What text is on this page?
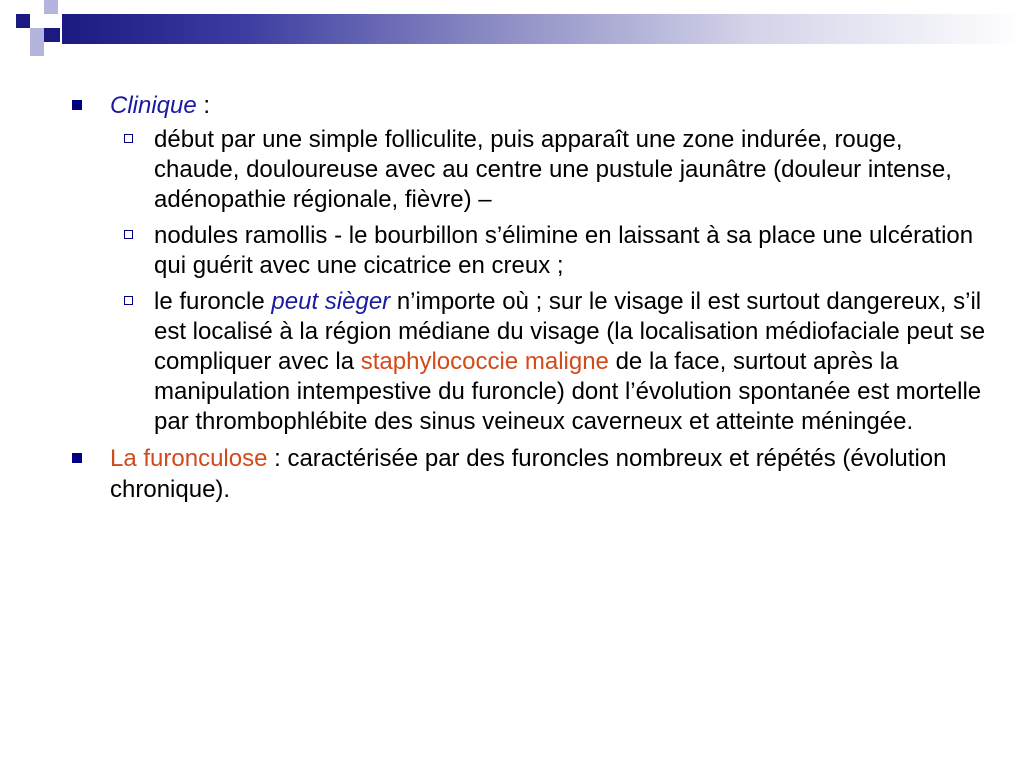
Clinique :
début par une simple folliculite, puis apparaît une zone indurée, rouge, chaude, douloureuse avec au centre une pustule jaunâtre (douleur intense, adénopathie régionale, fièvre) –
nodules ramollis - le bourbillon s’élimine en laissant à sa place une ulcération qui guérit avec une cicatrice en creux ;
le furoncle peut sièger n’importe où ; sur le visage il est surtout dangereux, s’il est localisé à la région médiane du visage (la localisation médiofaciale peut se compliquer avec la staphylococcie maligne de la face, surtout après la manipulation intempestive du furoncle) dont l’évolution spontanée est mortelle par thrombophlébite des sinus veineux caverneux et atteinte méningée.
La furonculose : caractérisée par des furoncles nombreux et répétés (évolution chronique).
